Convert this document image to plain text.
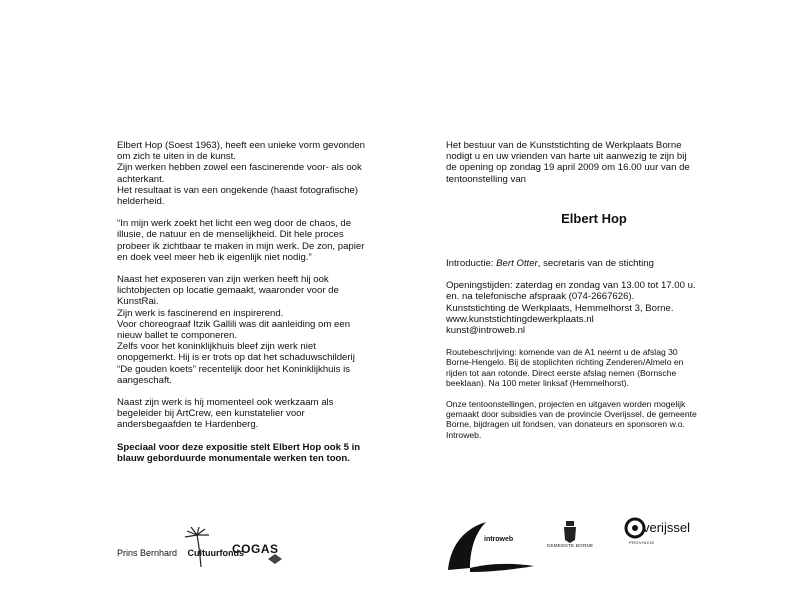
Elbert Hop (Soest 1963), heeft een unieke vorm gevonden
om zich te uiten in de kunst.
Zijn werken hebben zowel een fascinerende voor- als ook
achterkant.
Het resultaat is van een ongekende (haast fotografische)
helderheid.
“In mijn werk zoekt het licht een weg door de chaos, de
illusie, de natuur en de menselijkheid. Dit hele proces
probeer ik zichtbaar te maken in mijn werk. De zon, papier
en doek veel meer heb ik eigenlijk niet nodig.”
Naast het exposeren van zijn werken heeft hij ook
lichtobjecten op locatie gemaakt, waaronder voor de
KunstRai.
Zijn werk is fascinerend en inspirerend.
Voor choreograaf Itzik Gallili was dit aanleiding om een
nieuw ballet te componeren.
Zelfs voor het koninklijkhuis bleef zijn werk niet
onopgemerkt. Hij is er trots op dat het schaduwschilderij
“De gouden koets” recentelijk door het Koninklijkhuis is
aangeschaft.
Naast zijn werk is hij momenteel ook werkzaam als
begeleider bij ArtCrew, een kunstatelier voor
andersbegaafden te Hardenberg.
Speciaal voor deze expositie stelt Elbert Hop ook 5 in
blauw geborduurde monumentale werken ten toon.
Het bestuur van de Kunststichting de Werkplaats Borne
nodigt u en uw vrienden van harte uit aanwezig te zijn bij
de opening op zondag 19 april 2009 om 16.00 uur van de
tentoonstelling van
Elbert Hop
Introductie: Bert Otter, secretaris van de stichting
Openingstijden: zaterdag en zondag van 13.00 tot 17.00 u.
en. na telefonische afspraak (074-2667626).
Kunststichting de Werkplaats, Hemmelhorst 3, Borne.
www.kunststichtingdewerkplaats.nl
kunst@introweb.nl
Routebeschrijving: komende van de A1 neemt u de afslag 30
Borne-Hengelo. Bij de stoplichten richting Zenderen/Almelo en
rijden tot aan rotonde. Direct eerste afslag nemen (Bornsche
beeklaan). Na 100 meter linksaf (Hemmelhorst).
Onze tentoonstellingen, projecten en uitgaven worden mogelijk
gemaakt door subsidies van de provincie Overijssel, de gemeente
Borne, bijdragen uit fondsen, van donateurs en sponsoren w.o.
Introweb.
Prins Bernhard Cultuurfonds
COGAS
introweb
GEMEENTE BORNE
verijssel
PROVINCIE
